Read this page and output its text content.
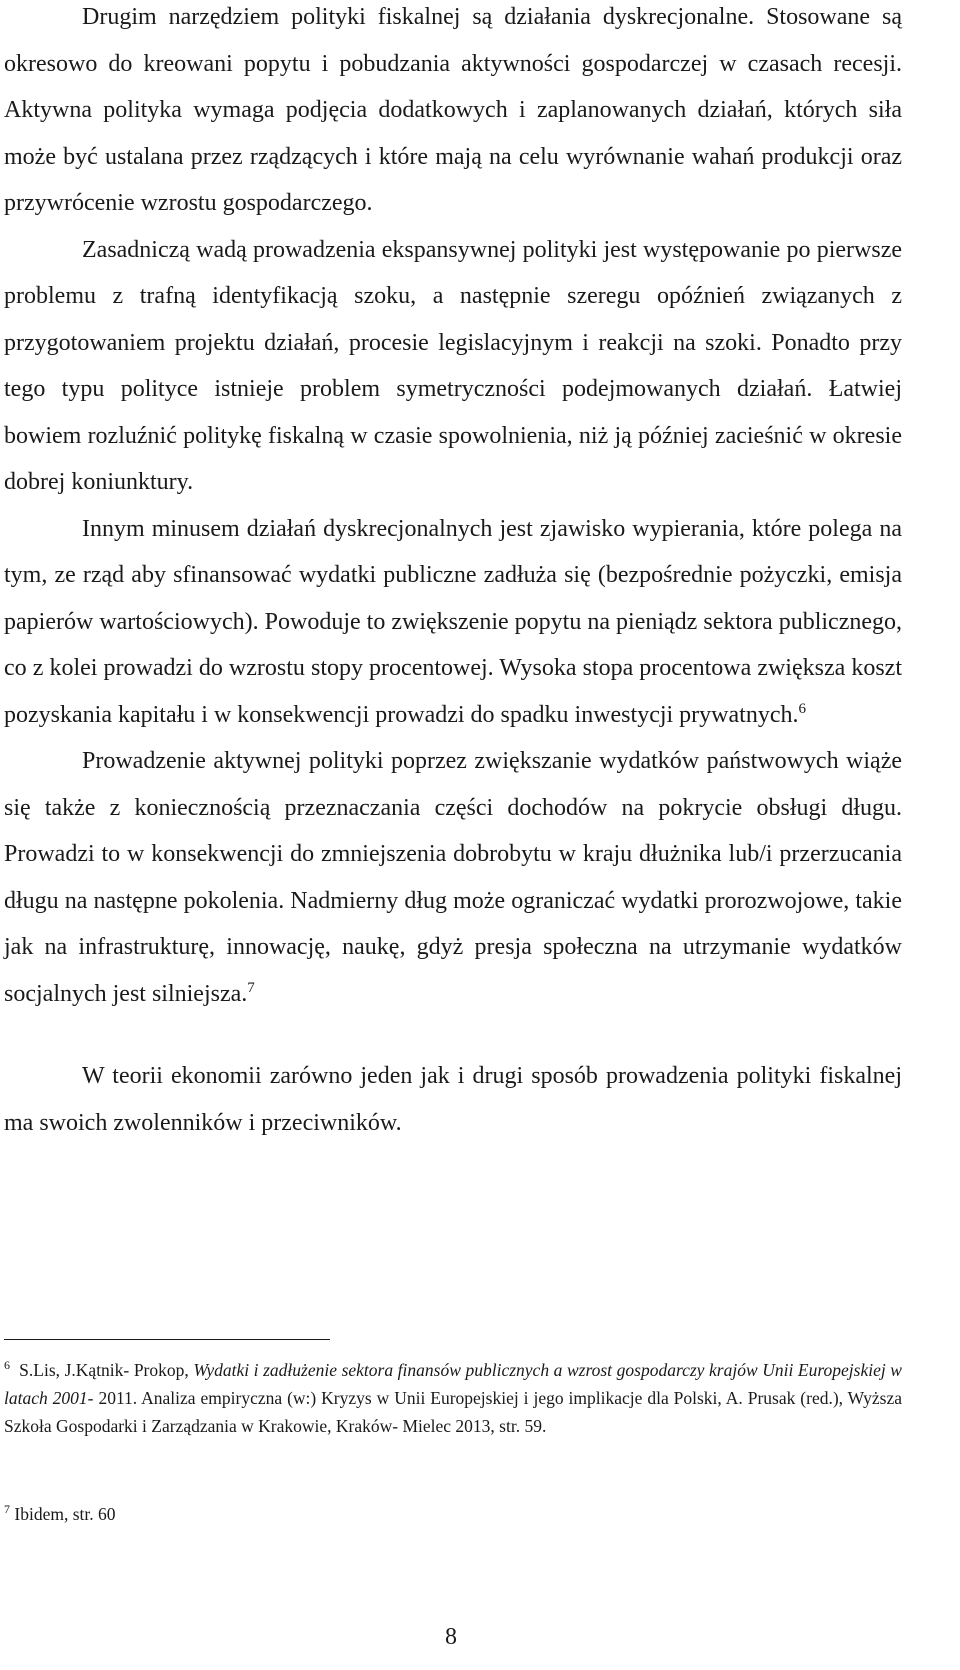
Drugim narzędziem polityki fiskalnej są działania dyskrecjonalne. Stosowane są okresowo do kreowani popytu i pobudzania aktywności gospodarczej w czasach recesji. Aktywna polityka wymaga podjęcia dodatkowych i zaplanowanych działań, których siła może być ustalana przez rządzących i które mają na celu wyrównanie wahań produkcji oraz przywrócenie wzrostu gospodarczego.

Zasadniczą wadą prowadzenia ekspansywnej polityki jest występowanie po pierwsze problemu z trafną identyfikacją szoku, a następnie szeregu opóźnień związanych z przygotowaniem projektu działań, procesie legislacyjnym i reakcji na szoki. Ponadto przy tego typu polityce istnieje problem symetryczności podejmowanych działań. Łatwiej bowiem rozluźnić politykę fiskalną w czasie spowolnienia, niż ją później zacieśnić w okresie dobrej koniunktury.

Innym minusem działań dyskrecjonalnych jest zjawisko wypierania, które polega na tym, ze rząd aby sfinansować wydatki publiczne zadłuża się (bezpośrednie pożyczki, emisja papierów wartościowych). Powoduje to zwiększenie popytu na pieniądz sektora publicznego, co z kolei prowadzi do wzrostu stopy procentowej. Wysoka stopa procentowa zwiększa koszt pozyskania kapitału i w konsekwencji prowadzi do spadku inwestycji prywatnych.$^6$

Prowadzenie aktywnej polityki poprzez zwiększanie wydatków państwowych wiąże się także z koniecznością przeznaczania części dochodów na pokrycie obsługi długu. Prowadzi to w konsekwencji do zmniejszenia dobrobytu w kraju dłużnika lub/i przerzucania długu na następne pokolenia. Nadmierny dług może ograniczać wydatki prorozwojowe, takie jak na infrastrukturę, innowację, naukę, gdyż presja społeczna na utrzymanie wydatków socjalnych jest silniejsza.$^7$

W teorii ekonomii zarówno jeden jak i drugi sposób prowadzenia polityki fiskalnej ma swoich zwolenników i przeciwników.

$^6$ S.Lis, J.Kątnik- Prokop, Wydatki i zadłużenie sektora finansów publicznych a wzrost gospodarczy krajów Unii Europejskiej w latach 2001- 2011. Analiza empiryczna (w:) Kryzys w Unii Europejskiej i jego implikacje dla Polski, A. Prusak (red.), Wyższa Szkoła Gospodarki i Zarządzania w Krakowie, Kraków- Mielec 2013, str. 59.

$^7$ Ibidem, str. 60

8
